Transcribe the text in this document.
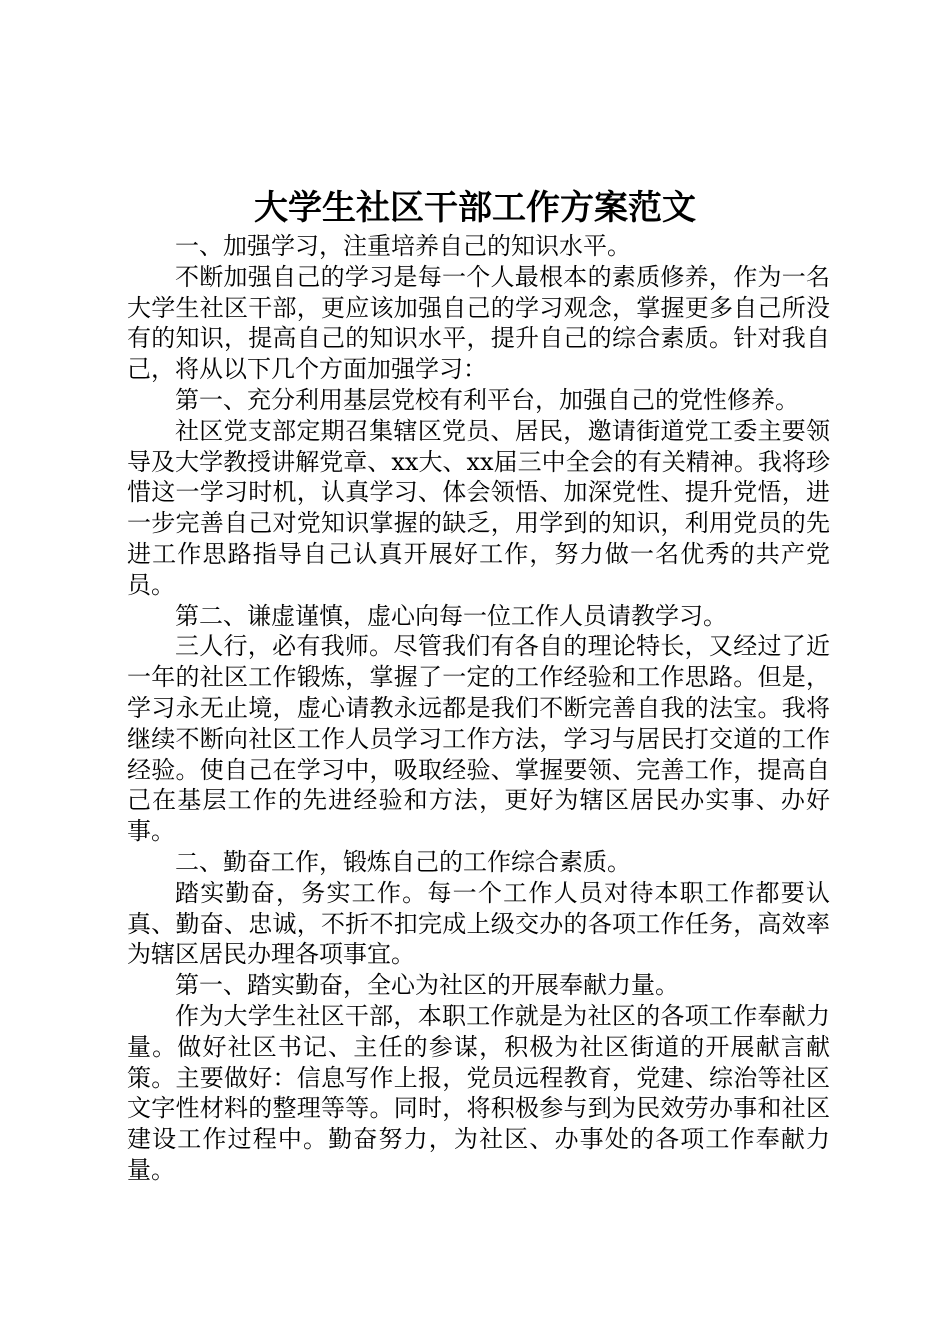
大学生社区干部工作方案范文

一、加强学习，注重培养自己的知识水平。

不断加强自己的学习是每一个人最根本的素质修养，作为一名大学生社区干部，更应该加强自己的学习观念，掌握更多自己所没有的知识，提高自己的知识水平，提升自己的综合素质。针对我自己，将从以下几个方面加强学习：

第一、充分利用基层党校有利平台，加强自己的党性修养。

社区党支部定期召集辖区党员、居民，邀请街道党工委主要领导及大学教授讲解党章、xx大、xx届三中全会的有关精神。我将珍惜这一学习时机，认真学习、体会领悟、加深党性、提升党悟，进一步完善自己对党知识掌握的缺乏，用学到的知识，利用党员的先进工作思路指导自己认真开展好工作，努力做一名优秀的共产党员。

第二、谦虚谨慎，虚心向每一位工作人员请教学习。

三人行，必有我师。尽管我们有各自的理论特长，又经过了近一年的社区工作锻炼，掌握了一定的工作经验和工作思路。但是，学习永无止境，虚心请教永远都是我们不断完善自我的法宝。我将继续不断向社区工作人员学习工作方法，学习与居民打交道的工作经验。使自己在学习中，吸取经验、掌握要领、完善工作，提高自己在基层工作的先进经验和方法，更好为辖区居民办实事、办好事。

二、勤奋工作，锻炼自己的工作综合素质。

踏实勤奋，务实工作。每一个工作人员对待本职工作都要认真、勤奋、忠诚，不折不扣完成上级交办的各项工作任务，高效率为辖区居民办理各项事宜。

第一、踏实勤奋，全心为社区的开展奉献力量。

作为大学生社区干部，本职工作就是为社区的各项工作奉献力量。做好社区书记、主任的参谋，积极为社区街道的开展献言献策。主要做好：信息写作上报，党员远程教育，党建、综治等社区文字性材料的整理等等。同时，将积极参与到为民效劳办事和社区建设工作过程中。勤奋努力，为社区、办事处的各项工作奉献力量。
